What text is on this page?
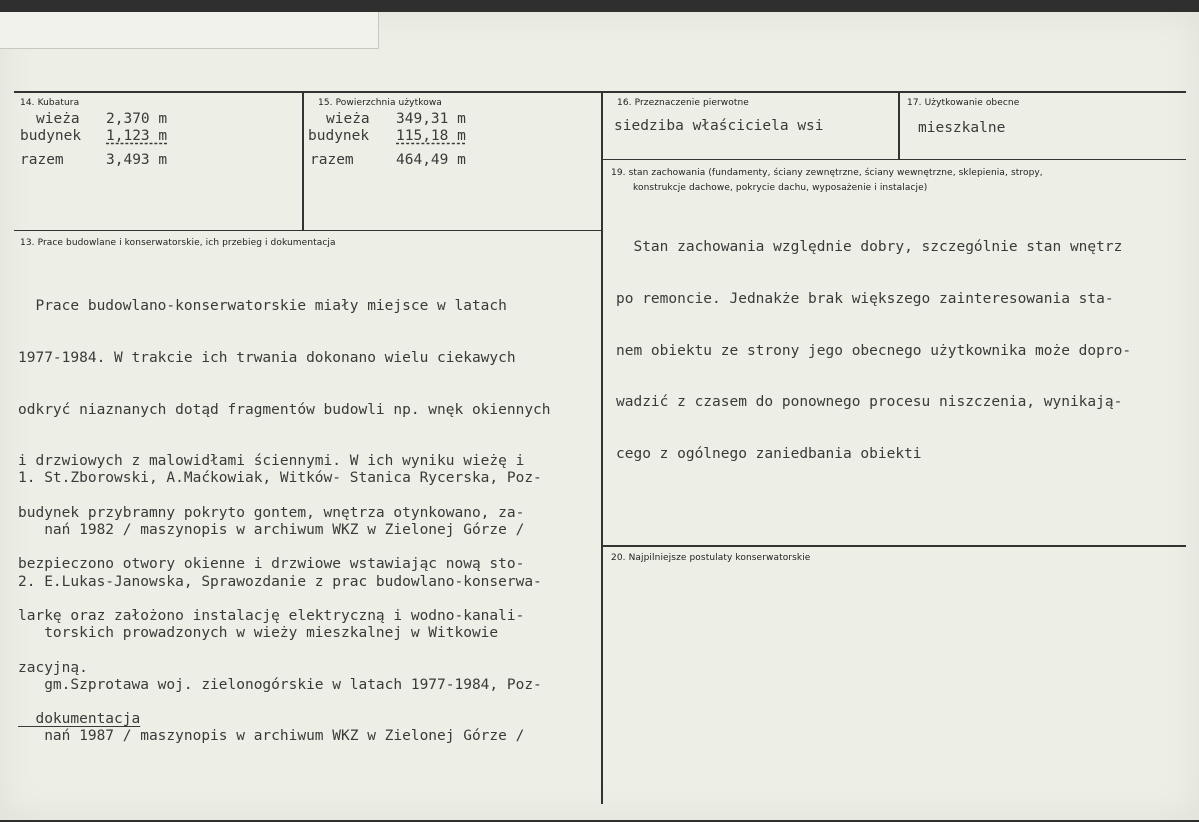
14. Kubatura
wieża 2,370 m
budynek 1,123 m
razem	3,493 m
15. Powierzchnia użytkowa
wieża 349,31 m
budynek 115,18 m
razem	464,49 m
16. Przeznaczenie pierwotne
siedziba właściciela wsi
17. Użytkowanie obecne
mieszkalne
19. stan zachowania (fundamenty, ściany zewnętrzne, ściany wewnętrzne, sklepienia, stropy,
konstrukcje dachowe, pokrycie dachu, wyposażenie i instalacje)

Stan zachowania względnie dobry, szczególnie stan wnętrz

po remoncie. Jednakże brak większego zainteresowania sta-

nem obiektu ze strony jego obecnego użytkownika może dopro-

wadzić z czasem do ponownego procesu niszczenia, wynikają-

cego z ogólnego zaniedbania obiekti

13. Prace budowlane i konserwatorskie, ich przebieg i dokumentacja

Prace budowlano-konserwatorskie miały miejsce w latach

1977-1984. W trakcie ich trwania dokonano wielu ciekawych

odkryć niaznanych dotąd fragmentów budowli np. wnęk okiennych

i drzwiowych z malowidłami ściennymi. W ich wyniku wieżę i

budynek przybramny pokryto gontem, wnętrza otynkowano, za-

bezpieczono otwory okienne i drzwiowe wstawiając nową sto-

larkę oraz założono instalację elektryczną i wodno-kanali-

zacyjną.

dokumentacja

1. St.Zborowski, A.Maćkowiak, Witków- Stanica Rycerska, Poz-

nań 1982 / maszynopis w archiwum WKZ w Zielonej Górze /

2. E.Lukas-Janowska, Sprawozdanie z prac budowlano-konserwa-

torskich prowadzonych w wieży mieszkalnej w Witkowie

gm.Szprotawa woj. zielonogórskie w latach 1977-1984, Poz-

nań 1987 / maszynopis w archiwum WKZ w Zielonej Górze /

20. Najpilniejsze postulaty konserwatorskie
